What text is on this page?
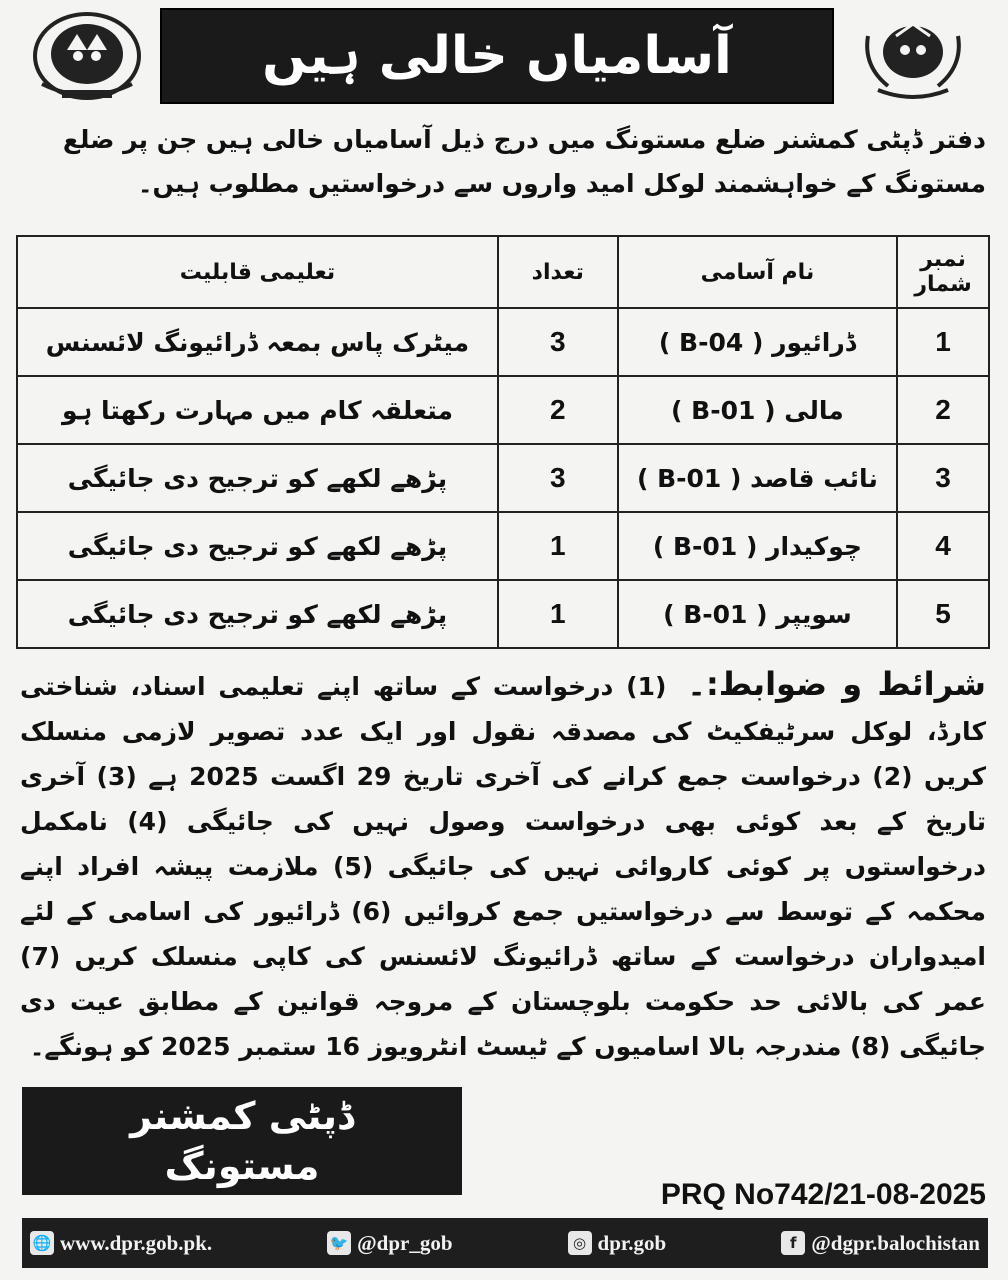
آسامیاں خالی ہیں
دفتر ڈپٹی کمشنر ضلع مستونگ میں درج ذیل آسامیاں خالی ہیں جن پر ضلع مستونگ کے خواہشمند لوکل امید واروں سے درخواستیں مطلوب ہیں۔
نمبر شمار	نام آسامی	تعداد	تعلیمی قابلیت
1	ڈرائیور ( B-04 )	3	میٹرک پاس بمعہ ڈرائیونگ لائسنس
2	مالی ( B-01 )	2	متعلقہ کام میں مہارت رکھتا ہو
3	نائب قاصد ( B-01 )	3	پڑھے لکھے کو ترجیح دی جائیگی
4	چوکیدار ( B-01 )	1	پڑھے لکھے کو ترجیح دی جائیگی
5	سویپر ( B-01 )	1	پڑھے لکھے کو ترجیح دی جائیگی
شرائط و ضوابط:۔ (1) درخواست کے ساتھ اپنے تعلیمی اسناد، شناختی کارڈ، لوکل سرٹیفکیٹ کی مصدقہ نقول اور ایک عدد تصویر لازمی منسلک کریں (2) درخواست جمع کرانے کی آخری تاریخ 29 اگست 2025 ہے (3) آخری تاریخ کے بعد کوئی بھی درخواست وصول نہیں کی جائیگی (4) نامکمل درخواستوں پر کوئی کاروائی نہیں کی جائیگی (5) ملازمت پیشہ افراد اپنے محکمہ کے توسط سے درخواستیں جمع کروائیں (6) ڈرائیور کی اسامی کے لئے امیدواران درخواست کے ساتھ ڈرائیونگ لائسنس کی کاپی منسلک کریں (7) عمر کی بالائی حد حکومت بلوچستان کے مروجہ قوانین کے مطابق عیت دی جائیگی (8) مندرجہ بالا اسامیوں کے ٹیسٹ انٹرویوز 16 ستمبر 2025 کو ہونگے۔
ڈپٹی کمشنر
مستونگ
PRQ No742/21-08-2025
🌐 www.dpr.gob.pk.	🐦 @dpr_gob	◎ dpr.gob	f @dgpr.balochistan
